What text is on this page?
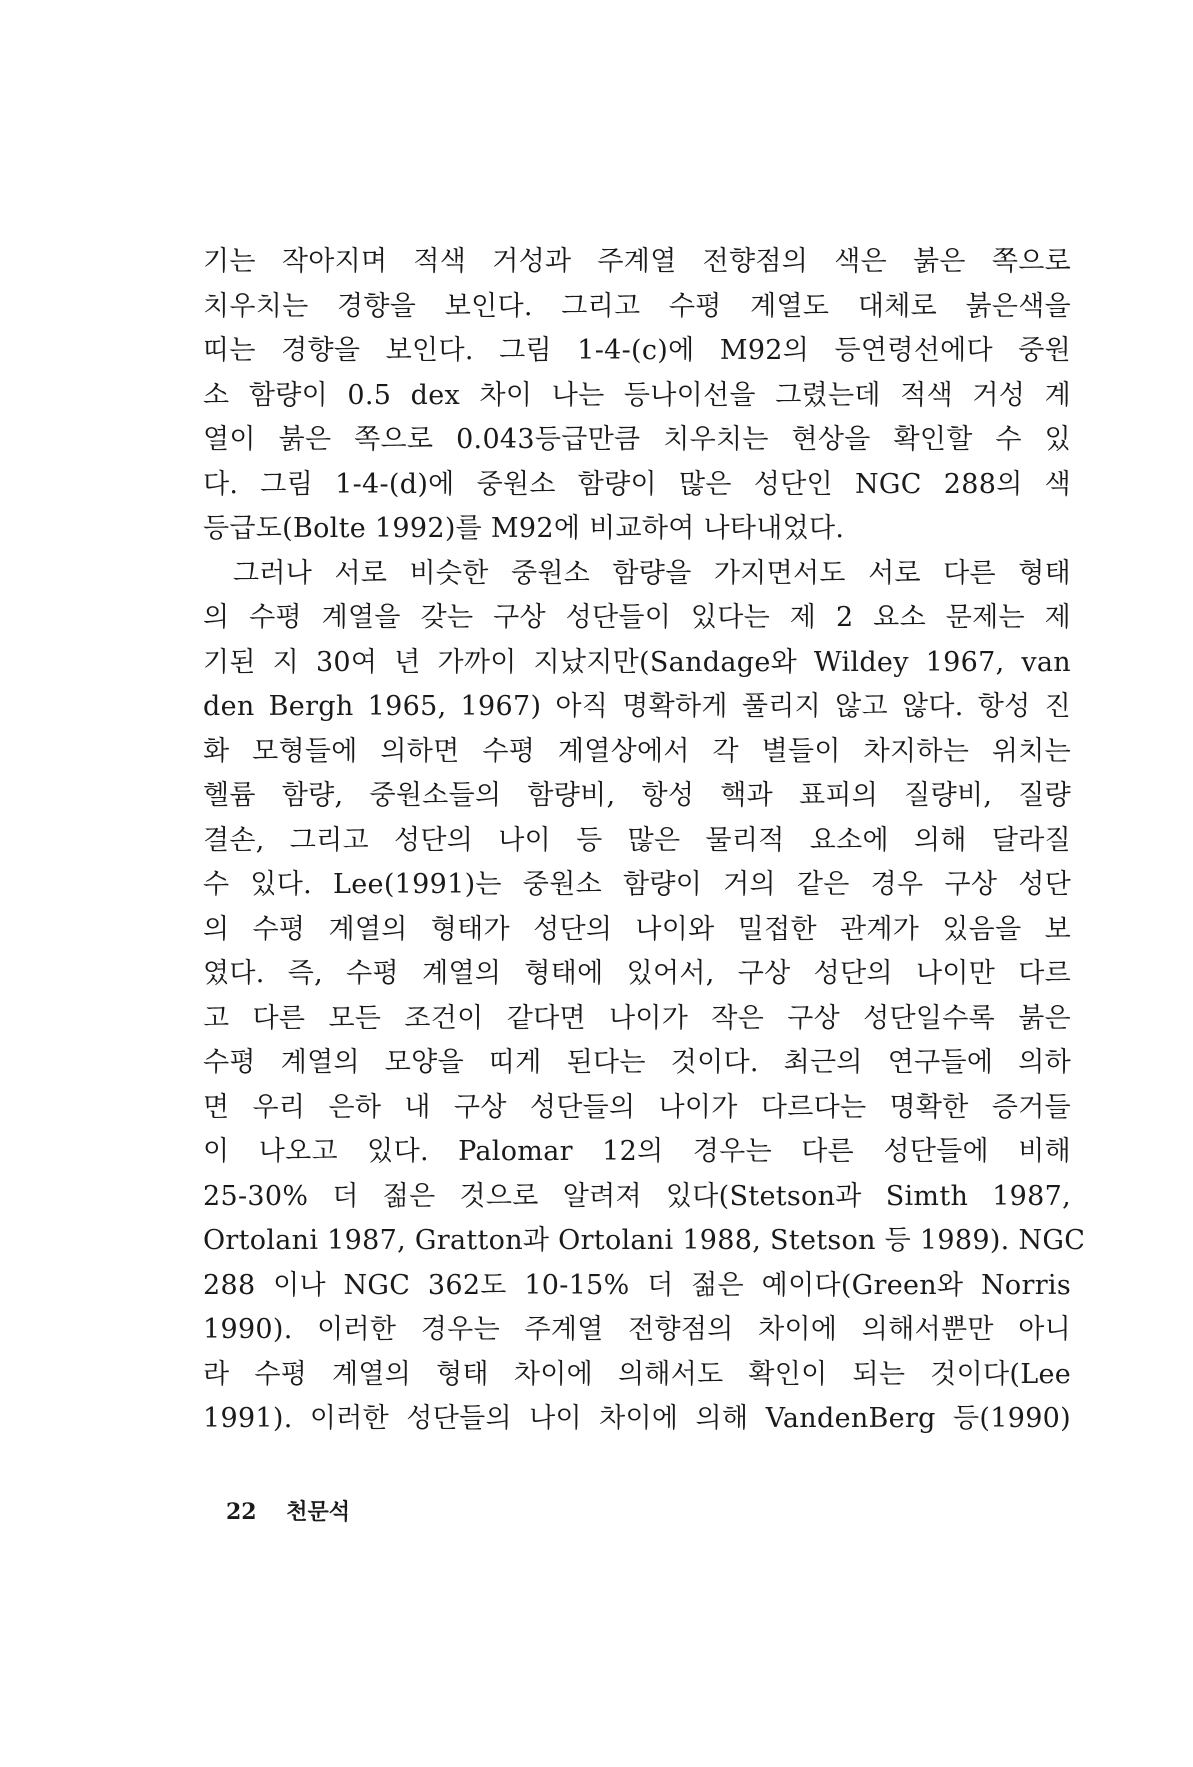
기는 작아지며 적색 거성과 주계열 전향점의 색은 붉은 쪽으로
치우치는 경향을 보인다. 그리고 수평 계열도 대체로 붉은색을
띠는 경향을 보인다. 그림 1-4-(c)에 M92의 등연령선에다 중원
소 함량이 0.5 dex 차이 나는 등나이선을 그렸는데 적색 거성 계
열이 붉은 쪽으로 0.043등급만큼 치우치는 현상을 확인할 수 있
다. 그림 1-4-(d)에 중원소 함량이 많은 성단인 NGC 288의 색
등급도(Bolte 1992)를 M92에 비교하여 나타내었다.
그러나 서로 비슷한 중원소 함량을 가지면서도 서로 다른 형태
의 수평 계열을 갖는 구상 성단들이 있다는 제 2 요소 문제는 제
기된 지 30여 년 가까이 지났지만(Sandage와 Wildey 1967, van
den Bergh 1965, 1967) 아직 명확하게 풀리지 않고 않다. 항성 진
화 모형들에 의하면 수평 계열상에서 각 별들이 차지하는 위치는
헬륨 함량, 중원소들의 함량비, 항성 핵과 표피의 질량비, 질량
결손, 그리고 성단의 나이 등 많은 물리적 요소에 의해 달라질
수 있다. Lee(1991)는 중원소 함량이 거의 같은 경우 구상 성단
의 수평 계열의 형태가 성단의 나이와 밀접한 관계가 있음을 보
였다. 즉, 수평 계열의 형태에 있어서, 구상 성단의 나이만 다르
고 다른 모든 조건이 같다면 나이가 작은 구상 성단일수록 붉은
수평 계열의 모양을 띠게 된다는 것이다. 최근의 연구들에 의하
면 우리 은하 내 구상 성단들의 나이가 다르다는 명확한 증거들
이 나오고 있다. Palomar 12의 경우는 다른 성단들에 비해
25-30% 더 젊은 것으로 알려져 있다(Stetson과 Simth 1987,
Ortolani 1987, Gratton과 Ortolani 1988, Stetson 등 1989). NGC
288 이나 NGC 362도 10-15% 더 젊은 예이다(Green와 Norris
1990). 이러한 경우는 주계열 전향점의 차이에 의해서뿐만 아니
라 수평 계열의 형태 차이에 의해서도 확인이 되는 것이다(Lee
1991). 이러한 성단들의 나이 차이에 의해 VandenBerg 등(1990)
22 천문석
